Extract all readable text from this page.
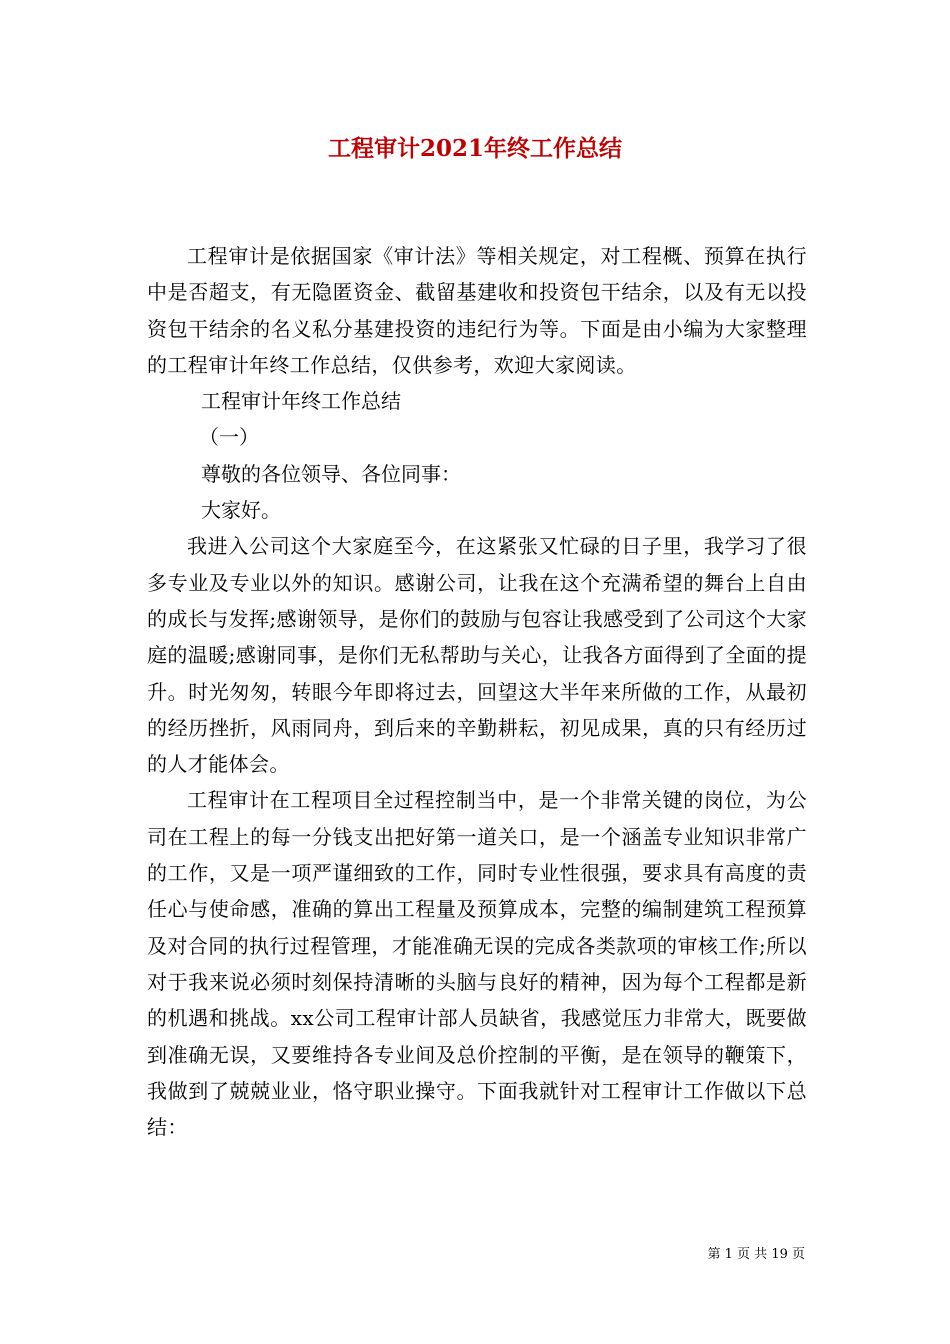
工程审计2021年终工作总结

工程审计是依据国家《审计法》等相关规定，对工程概、预算在执行中是否超支，有无隐匿资金、截留基建收和投资包干结余，以及有无以投资包干结余的名义私分基建投资的违纪行为等。下面是由小编为大家整理的工程审计年终工作总结，仅供参考，欢迎大家阅读。

工程审计年终工作总结

（一）

尊敬的各位领导、各位同事：

大家好。

我进入公司这个大家庭至今，在这紧张又忙碌的日子里，我学习了很多专业及专业以外的知识。感谢公司，让我在这个充满希望的舞台上自由的成长与发挥;感谢领导，是你们的鼓励与包容让我感受到了公司这个大家庭的温暖;感谢同事，是你们无私帮助与关心，让我各方面得到了全面的提升。时光匆匆，转眼今年即将过去，回望这大半年来所做的工作，从最初的经历挫折，风雨同舟，到后来的辛勤耕耘，初见成果，真的只有经历过的人才能体会。

工程审计在工程项目全过程控制当中，是一个非常关键的岗位，为公司在工程上的每一分钱支出把好第一道关口，是一个涵盖专业知识非常广的工作，又是一项严谨细致的工作，同时专业性很强，要求具有高度的责任心与使命感，准确的算出工程量及预算成本，完整的编制建筑工程预算及对合同的执行过程管理，才能准确无误的完成各类款项的审核工作;所以对于我来说必须时刻保持清晰的头脑与良好的精神，因为每个工程都是新的机遇和挑战。xx公司工程审计部人员缺省，我感觉压力非常大，既要做到准确无误，又要维持各专业间及总价控制的平衡，是在领导的鞭策下，我做到了兢兢业业，恪守职业操守。下面我就针对工程审计工作做以下总结：

第 1 页 共 19 页
